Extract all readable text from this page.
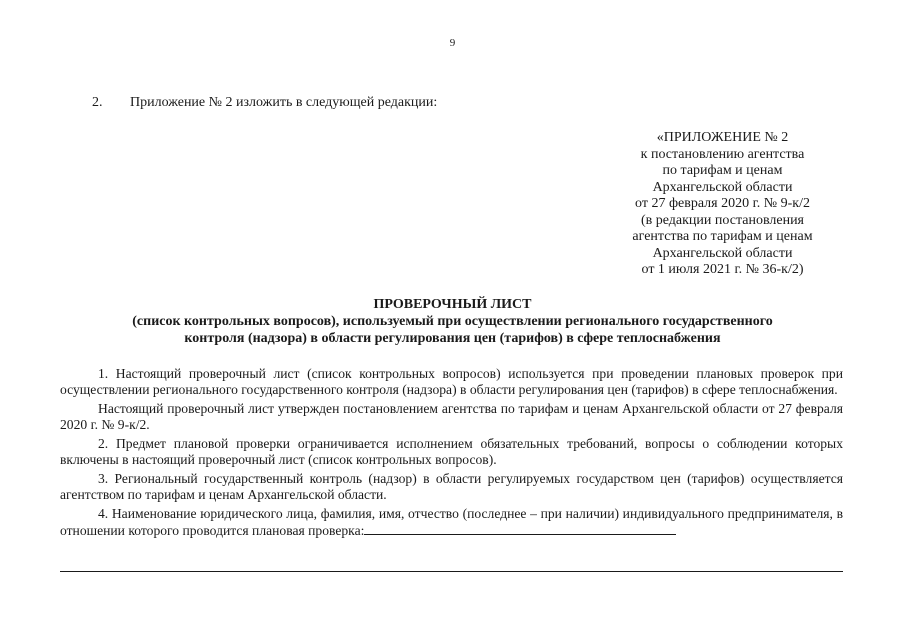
9
2. Приложение № 2 изложить в следующей редакции:
«ПРИЛОЖЕНИЕ № 2
к постановлению агентства
по тарифам и ценам
Архангельской области
от 27 февраля 2020 г. № 9-к/2
(в редакции постановления
агентства по тарифам и ценам
Архангельской области
от 1 июля 2021 г. № 36-к/2)
ПРОВЕРОЧНЫЙ ЛИСТ
(список контрольных вопросов), используемый при осуществлении регионального государственного
контроля (надзора) в области регулирования цен (тарифов) в сфере теплоснабжения

1. Настоящий проверочный лист (список контрольных вопросов) используется при проведении плановых проверок при осуществлении регионального государственного контроля (надзора) в области регулирования цен (тарифов) в сфере теплоснабжения.

Настоящий проверочный лист утвержден постановлением агентства по тарифам и ценам Архангельской области от 27 февраля 2020 г. № 9-к/2.

2. Предмет плановой проверки ограничивается исполнением обязательных требований, вопросы о соблюдении которых включены в настоящий проверочный лист (список контрольных вопросов).

3. Региональный государственный контроль (надзор) в области регулируемых государством цен (тарифов) осуществляется агентством по тарифам и ценам Архангельской области.

4. Наименование юридического лица, фамилия, имя, отчество (последнее – при наличии) индивидуального предпринимателя, в отношении которого проводится плановая проверка:
